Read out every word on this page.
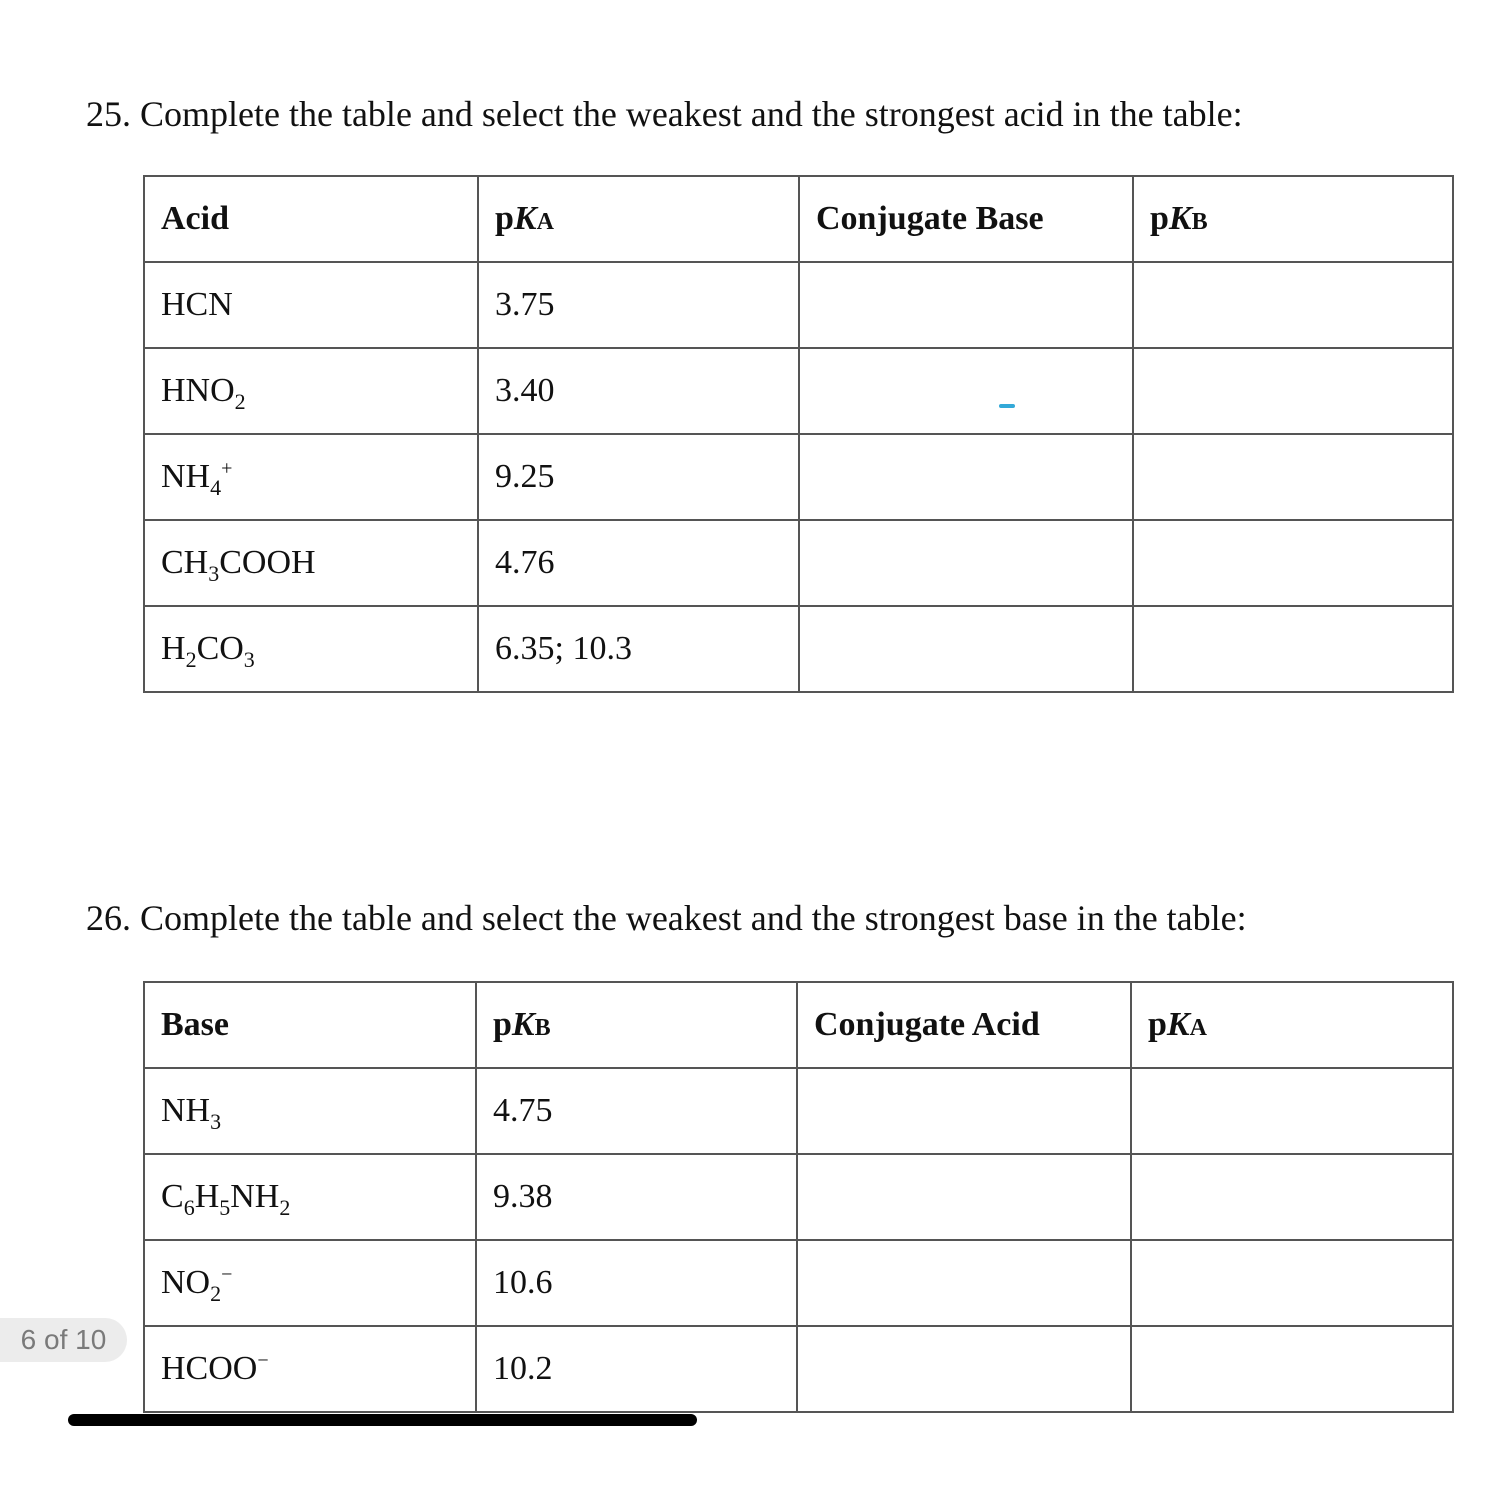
25. Complete the table and select the weakest and the strongest acid in the table:
Acid	pKA	Conjugate Base	pKB
HCN	3.75		
$HNO_2$	3.40		
$NH_4^+$	9.25		
$CH_3COOH$	4.76		
$H_2CO_3$	6.35; 10.3		
26. Complete the table and select the weakest and the strongest base in the table:
Base	pKB	Conjugate Acid	pKA
$NH_3$	4.75		
$C_6H_5NH_2$	9.38		
$NO_2^-$	10.6		
HCOO−	10.2		
6 of 10
